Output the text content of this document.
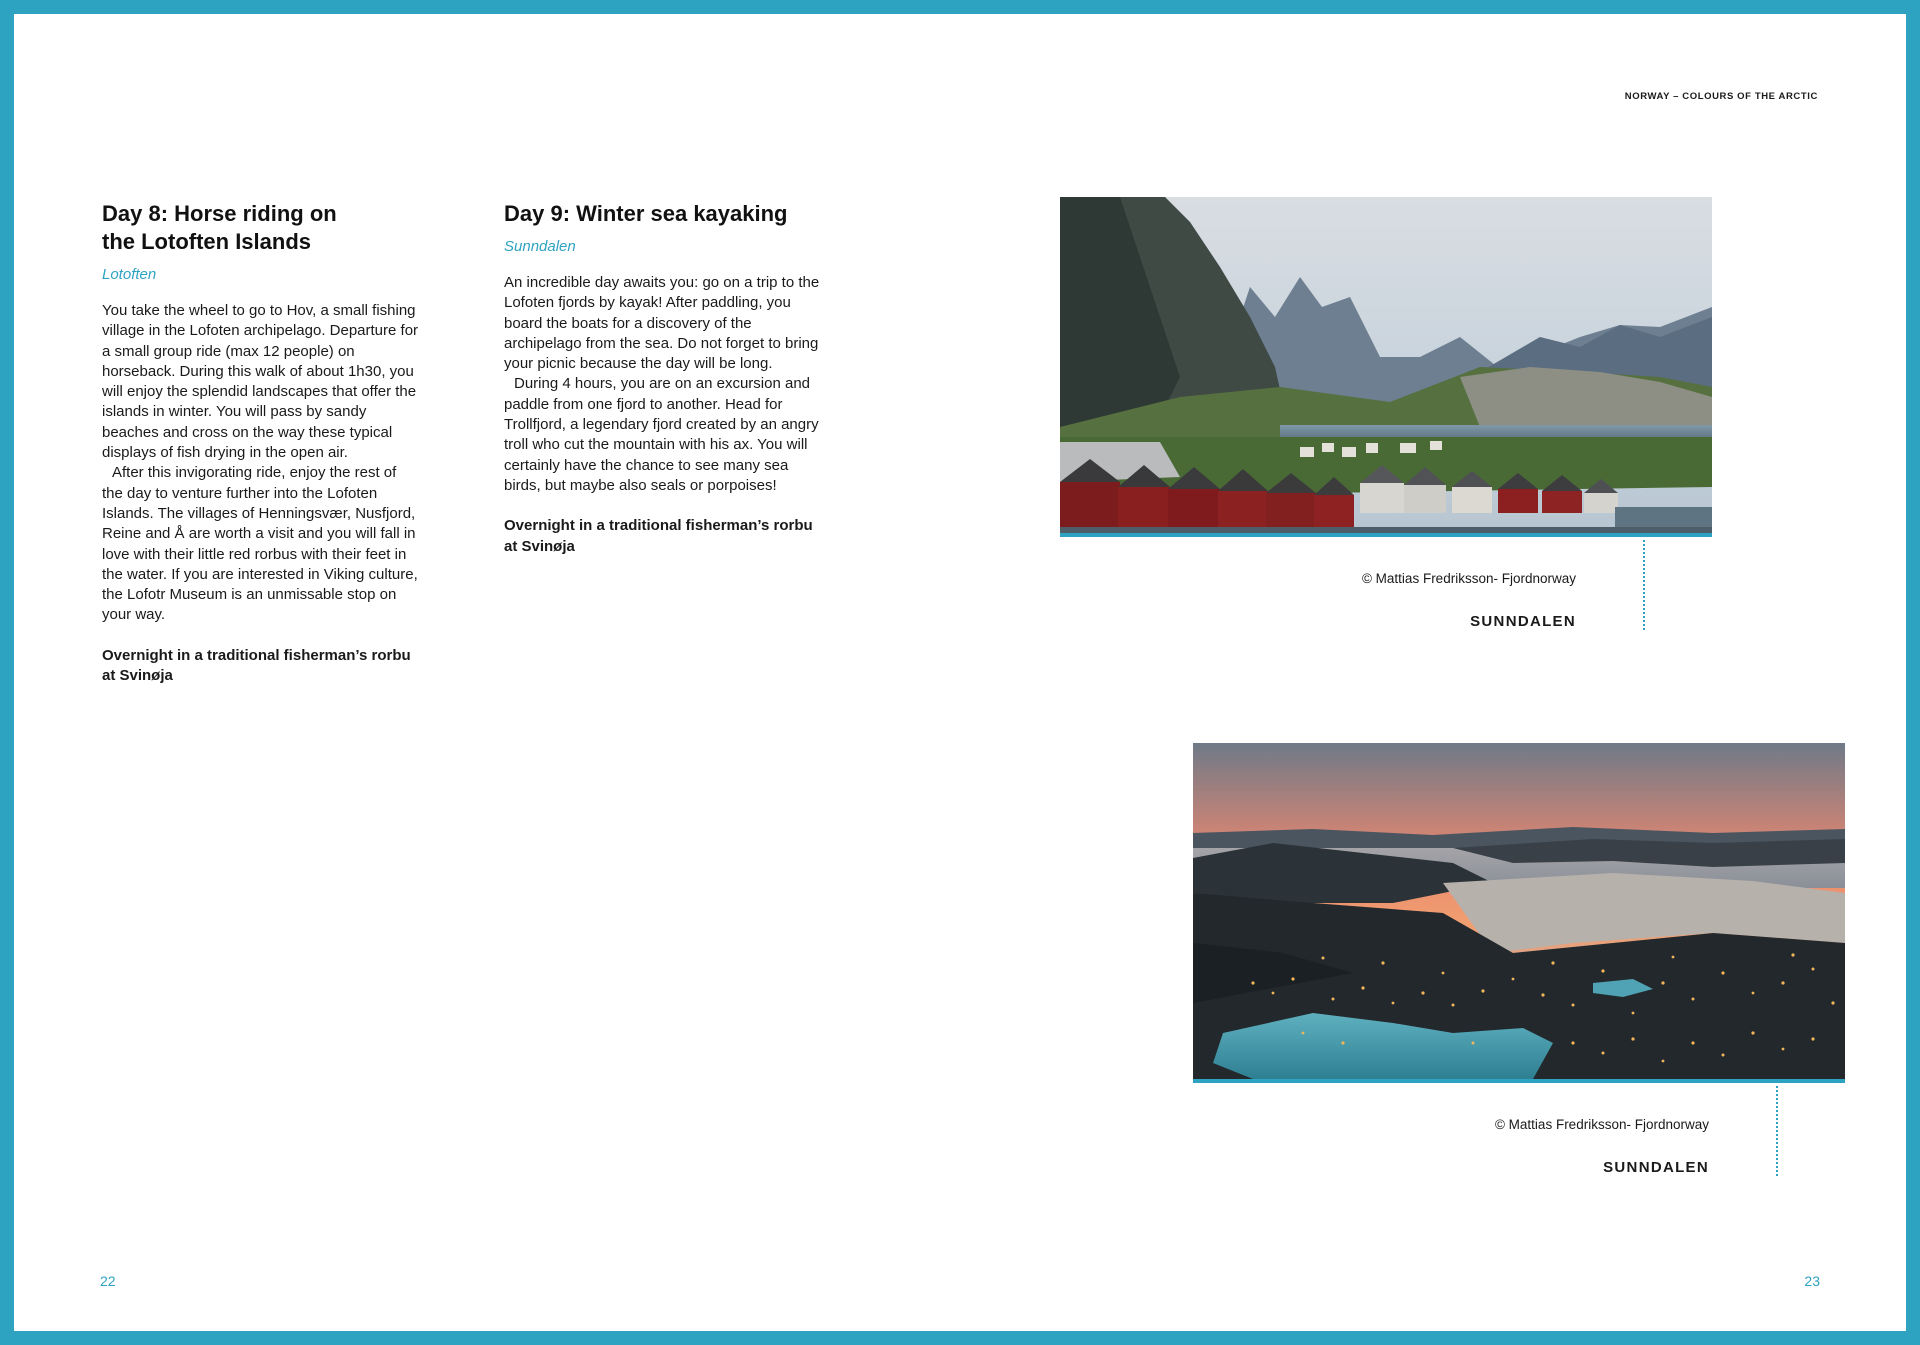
NORWAY – COLOURS OF THE ARCTIC
Day 8: Horse riding on
the Lotoften Islands
Lotoften

You take the wheel to go to Hov, a small fishing village in the Lofoten archipelago. Departure for a small group ride (max 12 people) on horseback. During this walk of about 1h30, you will enjoy the splendid landscapes that offer the islands in winter. You will pass by sandy beaches and cross on the way these typical displays of fish drying in the open air.

After this invigorating ride, enjoy the rest of the day to venture further into the Lofoten Islands. The villages of Henningsvær, Nusfjord, Reine and Å are worth a visit and you will fall in love with their little red rorbus with their feet in the water. If you are interested in Viking culture, the Lofotr Museum is an unmissable stop on your way.

Overnight in a traditional fisherman’s rorbu at Svinøja

Day 9: Winter sea kayaking
Sunndalen

An incredible day awaits you: go on a trip to the Lofoten fjords by kayak! After paddling, you board the boats for a discovery of the archipelago from the sea. Do not forget to bring your picnic because the day will be long.

During 4 hours, you are on an excursion and paddle from one fjord to another. Head for Trollfjord, a legendary fjord created by an angry troll who cut the mountain with his ax. You will certainly have the chance to see many sea birds, but maybe also seals or porpoises!

Overnight in a traditional fisherman’s rorbu at Svinøja

© Mattias Fredriksson- Fjordnorway
SUNNDALEN
© Mattias Fredriksson- Fjordnorway
SUNNDALEN
22	23
